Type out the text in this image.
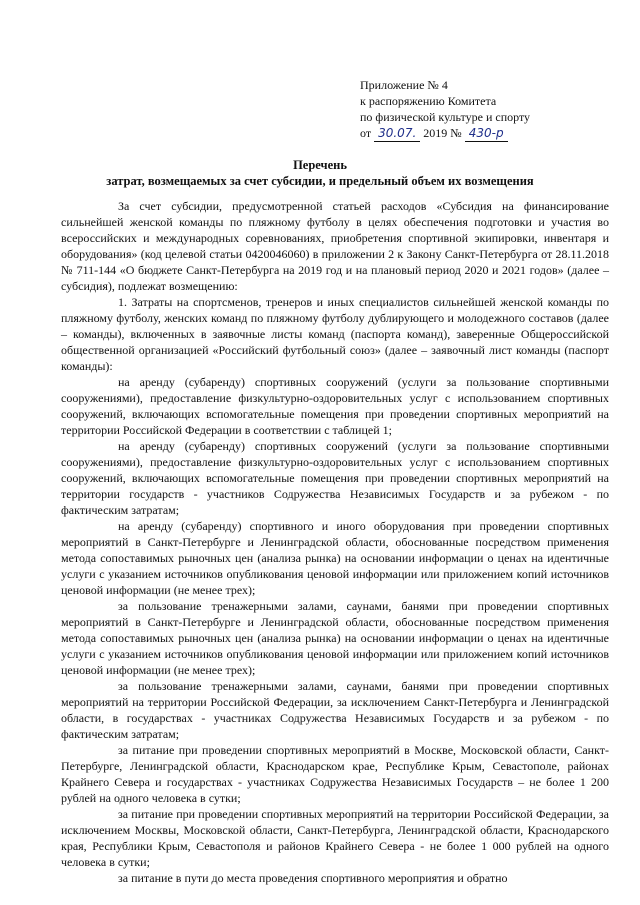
Приложение № 4
к распоряжению Комитета
по физической культуре и спорту
от 30.07. 2019 № 430-р
Перечень
затрат, возмещаемых за счет субсидии, и предельный объем их возмещения

За счет субсидии, предусмотренной статьей расходов «Субсидия на финансирование сильнейшей женской команды по пляжному футболу в целях обеспечения подготовки и участия во всероссийских и международных соревнованиях, приобретения спортивной экипировки, инвентаря и оборудования» (код целевой статьи 0420046060) в приложении 2 к Закону Санкт-Петербурга от 28.11.2018 № 711-144 «О бюджете Санкт-Петербурга на 2019 год и на плановый период 2020 и 2021 годов» (далее – субсидия), подлежат возмещению:

1. Затраты на спортсменов, тренеров и иных специалистов сильнейшей женской команды по пляжному футболу, женских команд по пляжному футболу дублирующего и молодежного составов (далее – команды), включенных в заявочные листы команд (паспорта команд), заверенные Общероссийской общественной организацией «Российский футбольный союз» (далее – заявочный лист команды (паспорт команды):

на аренду (субаренду) спортивных сооружений (услуги за пользование спортивными сооружениями), предоставление физкультурно-оздоровительных услуг с использованием спортивных сооружений, включающих вспомогательные помещения при проведении спортивных мероприятий на территории Российской Федерации в соответствии с таблицей 1;

на аренду (субаренду) спортивных сооружений (услуги за пользование спортивными сооружениями), предоставление физкультурно-оздоровительных услуг с использованием спортивных сооружений, включающих вспомогательные помещения при проведении спортивных мероприятий на территории государств - участников Содружества Независимых Государств и за рубежом - по фактическим затратам;

на аренду (субаренду) спортивного и иного оборудования при проведении спортивных мероприятий в Санкт-Петербурге и Ленинградской области, обоснованные посредством применения метода сопоставимых рыночных цен (анализа рынка) на основании информации о ценах на идентичные услуги с указанием источников опубликования ценовой информации или приложением копий источников ценовой информации (не менее трех);

за пользование тренажерными залами, саунами, банями при проведении спортивных мероприятий в Санкт-Петербурге и Ленинградской области, обоснованные посредством применения метода сопоставимых рыночных цен (анализа рынка) на основании информации о ценах на идентичные услуги с указанием источников опубликования ценовой информации или приложением копий источников ценовой информации (не менее трех);

за пользование тренажерными залами, саунами, банями при проведении спортивных мероприятий на территории Российской Федерации, за исключением Санкт-Петербурга и Ленинградской области, в государствах - участниках Содружества Независимых Государств и за рубежом - по фактическим затратам;

за питание при проведении спортивных мероприятий в Москве, Московской области, Санкт-Петербурге, Ленинградской области, Краснодарском крае, Республике Крым, Севастополе, районах Крайнего Севера и государствах - участниках Содружества Независимых Государств – не более 1 200 рублей на одного человека в сутки;

за питание при проведении спортивных мероприятий на территории Российской Федерации, за исключением Москвы, Московской области, Санкт-Петербурга, Ленинградской области, Краснодарского края, Республики Крым, Севастополя и районов Крайнего Севера - не более 1 000 рублей на одного человека в сутки;

за питание в пути до места проведения спортивного мероприятия и обратно
